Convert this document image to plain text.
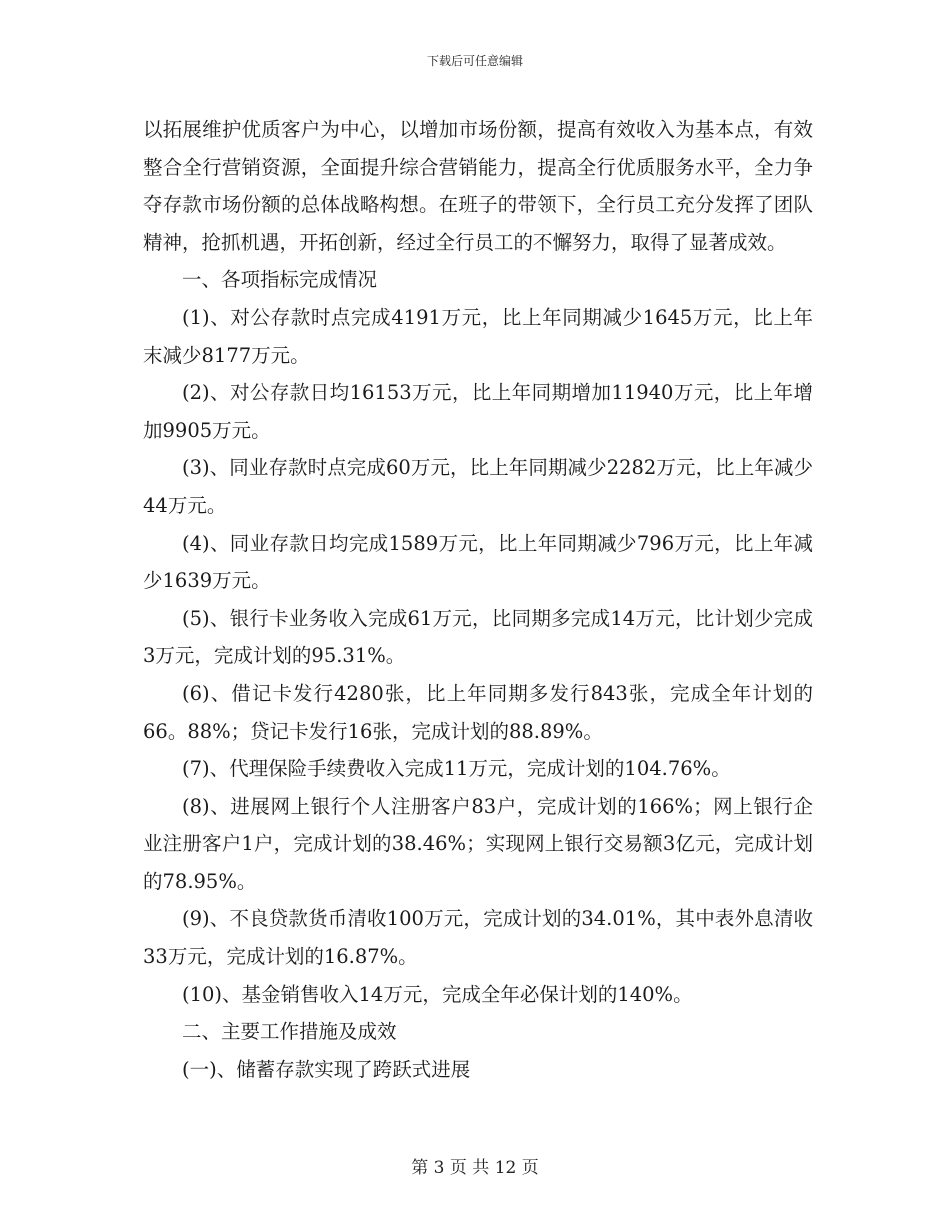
下载后可任意编辑

以拓展维护优质客户为中心，以增加市场份额，提高有效收入为基本点，有效整合全行营销资源，全面提升综合营销能力，提高全行优质服务水平，全力争夺存款市场份额的总体战略构想。在班子的带领下，全行员工充分发挥了团队精神，抢抓机遇，开拓创新，经过全行员工的不懈努力，取得了显著成效。

一、各项指标完成情况

(1)、对公存款时点完成4191万元，比上年同期减少1645万元，比上年末减少8177万元。

(2)、对公存款日均16153万元，比上年同期增加11940万元，比上年增加9905万元。

(3)、同业存款时点完成60万元，比上年同期减少2282万元，比上年减少44万元。

(4)、同业存款日均完成1589万元，比上年同期减少796万元，比上年减少1639万元。

(5)、银行卡业务收入完成61万元，比同期多完成14万元，比计划少完成3万元，完成计划的95.31%。

(6)、借记卡发行4280张，比上年同期多发行843张，完成全年计划的66。88%；贷记卡发行16张，完成计划的88.89%。

(7)、代理保险手续费收入完成11万元，完成计划的104.76%。

(8)、进展网上银行个人注册客户83户，完成计划的166%；网上银行企业注册客户1户，完成计划的38.46%；实现网上银行交易额3亿元，完成计划的78.95%。

(9)、不良贷款货币清收100万元，完成计划的34.01%，其中表外息清收33万元，完成计划的16.87%。

(10)、基金销售收入14万元，完成全年必保计划的140%。

二、主要工作措施及成效

(一)、储蓄存款实现了跨跃式进展

第 3 页 共 12 页
